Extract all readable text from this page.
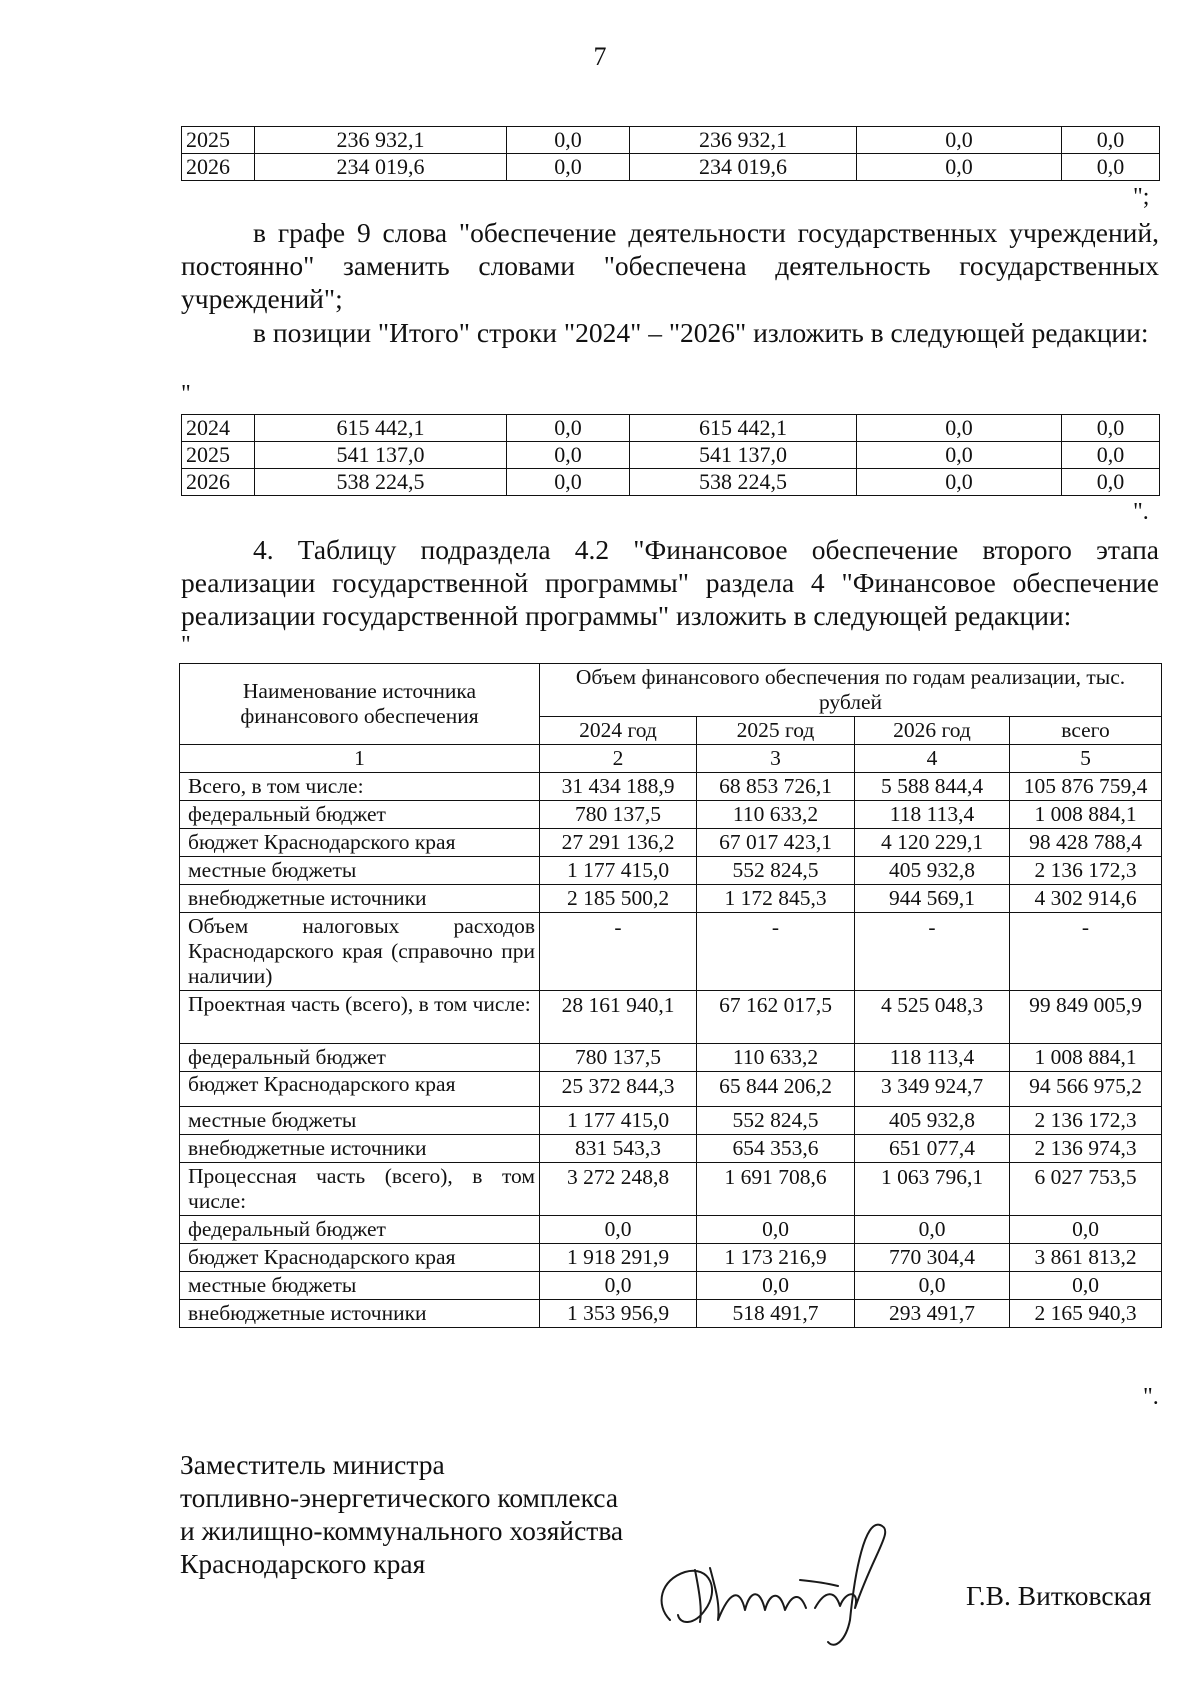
7
2025	236 932,1	0,0	236 932,1	0,0	0,0
2026	234 019,6	0,0	234 019,6	0,0	0,0
";
в графе 9 слова "обеспечение деятельности государственных учреждений, постоянно" заменить словами "обеспечена деятельность государственных учреждений";
в позиции "Итого" строки "2024" – "2026" изложить в следующей редакции:
"
2024	615 442,1	0,0	615 442,1	0,0	0,0
2025	541 137,0	0,0	541 137,0	0,0	0,0
2026	538 224,5	0,0	538 224,5	0,0	0,0
".
4. Таблицу подраздела 4.2 "Финансовое обеспечение второго этапа реализации государственной программы" раздела 4 "Финансовое обеспечение реализации государственной программы" изложить в следующей редакции:
"
Наименование источника финансового обеспечения	Объем финансового обеспечения по годам реализации, тыс. рублей			
	2024 год	2025 год	2026 год	всего
1	2	3	4	5
Всего, в том числе:	31 434 188,9	68 853 726,1	5 588 844,4	105 876 759,4
федеральный бюджет	780 137,5	110 633,2	118 113,4	1 008 884,1
бюджет Краснодарского края	27 291 136,2	67 017 423,1	4 120 229,1	98 428 788,4
местные бюджеты	1 177 415,0	552 824,5	405 932,8	2 136 172,3
внебюджетные источники	2 185 500,2	1 172 845,3	944 569,1	4 302 914,6
Объем налоговых расходов Краснодарского края (справочно при наличии)	-	-	-	-
Проектная часть (всего), в том числе:	28 161 940,1	67 162 017,5	4 525 048,3	99 849 005,9
федеральный бюджет	780 137,5	110 633,2	118 113,4	1 008 884,1
бюджет Краснодарского края	25 372 844,3	65 844 206,2	3 349 924,7	94 566 975,2
местные бюджеты	1 177 415,0	552 824,5	405 932,8	2 136 172,3
внебюджетные источники	831 543,3	654 353,6	651 077,4	2 136 974,3
Процессная часть (всего), в том числе:	3 272 248,8	1 691 708,6	1 063 796,1	6 027 753,5
федеральный бюджет	0,0	0,0	0,0	0,0
бюджет Краснодарского края	1 918 291,9	1 173 216,9	770 304,4	3 861 813,2
местные бюджеты	0,0	0,0	0,0	0,0
внебюджетные источники	1 353 956,9	518 491,7	293 491,7	2 165 940,3
".
Заместитель министра
топливно-энергетического комплекса
и жилищно-коммунального хозяйства
Краснодарского края
Г.В. Витковская
